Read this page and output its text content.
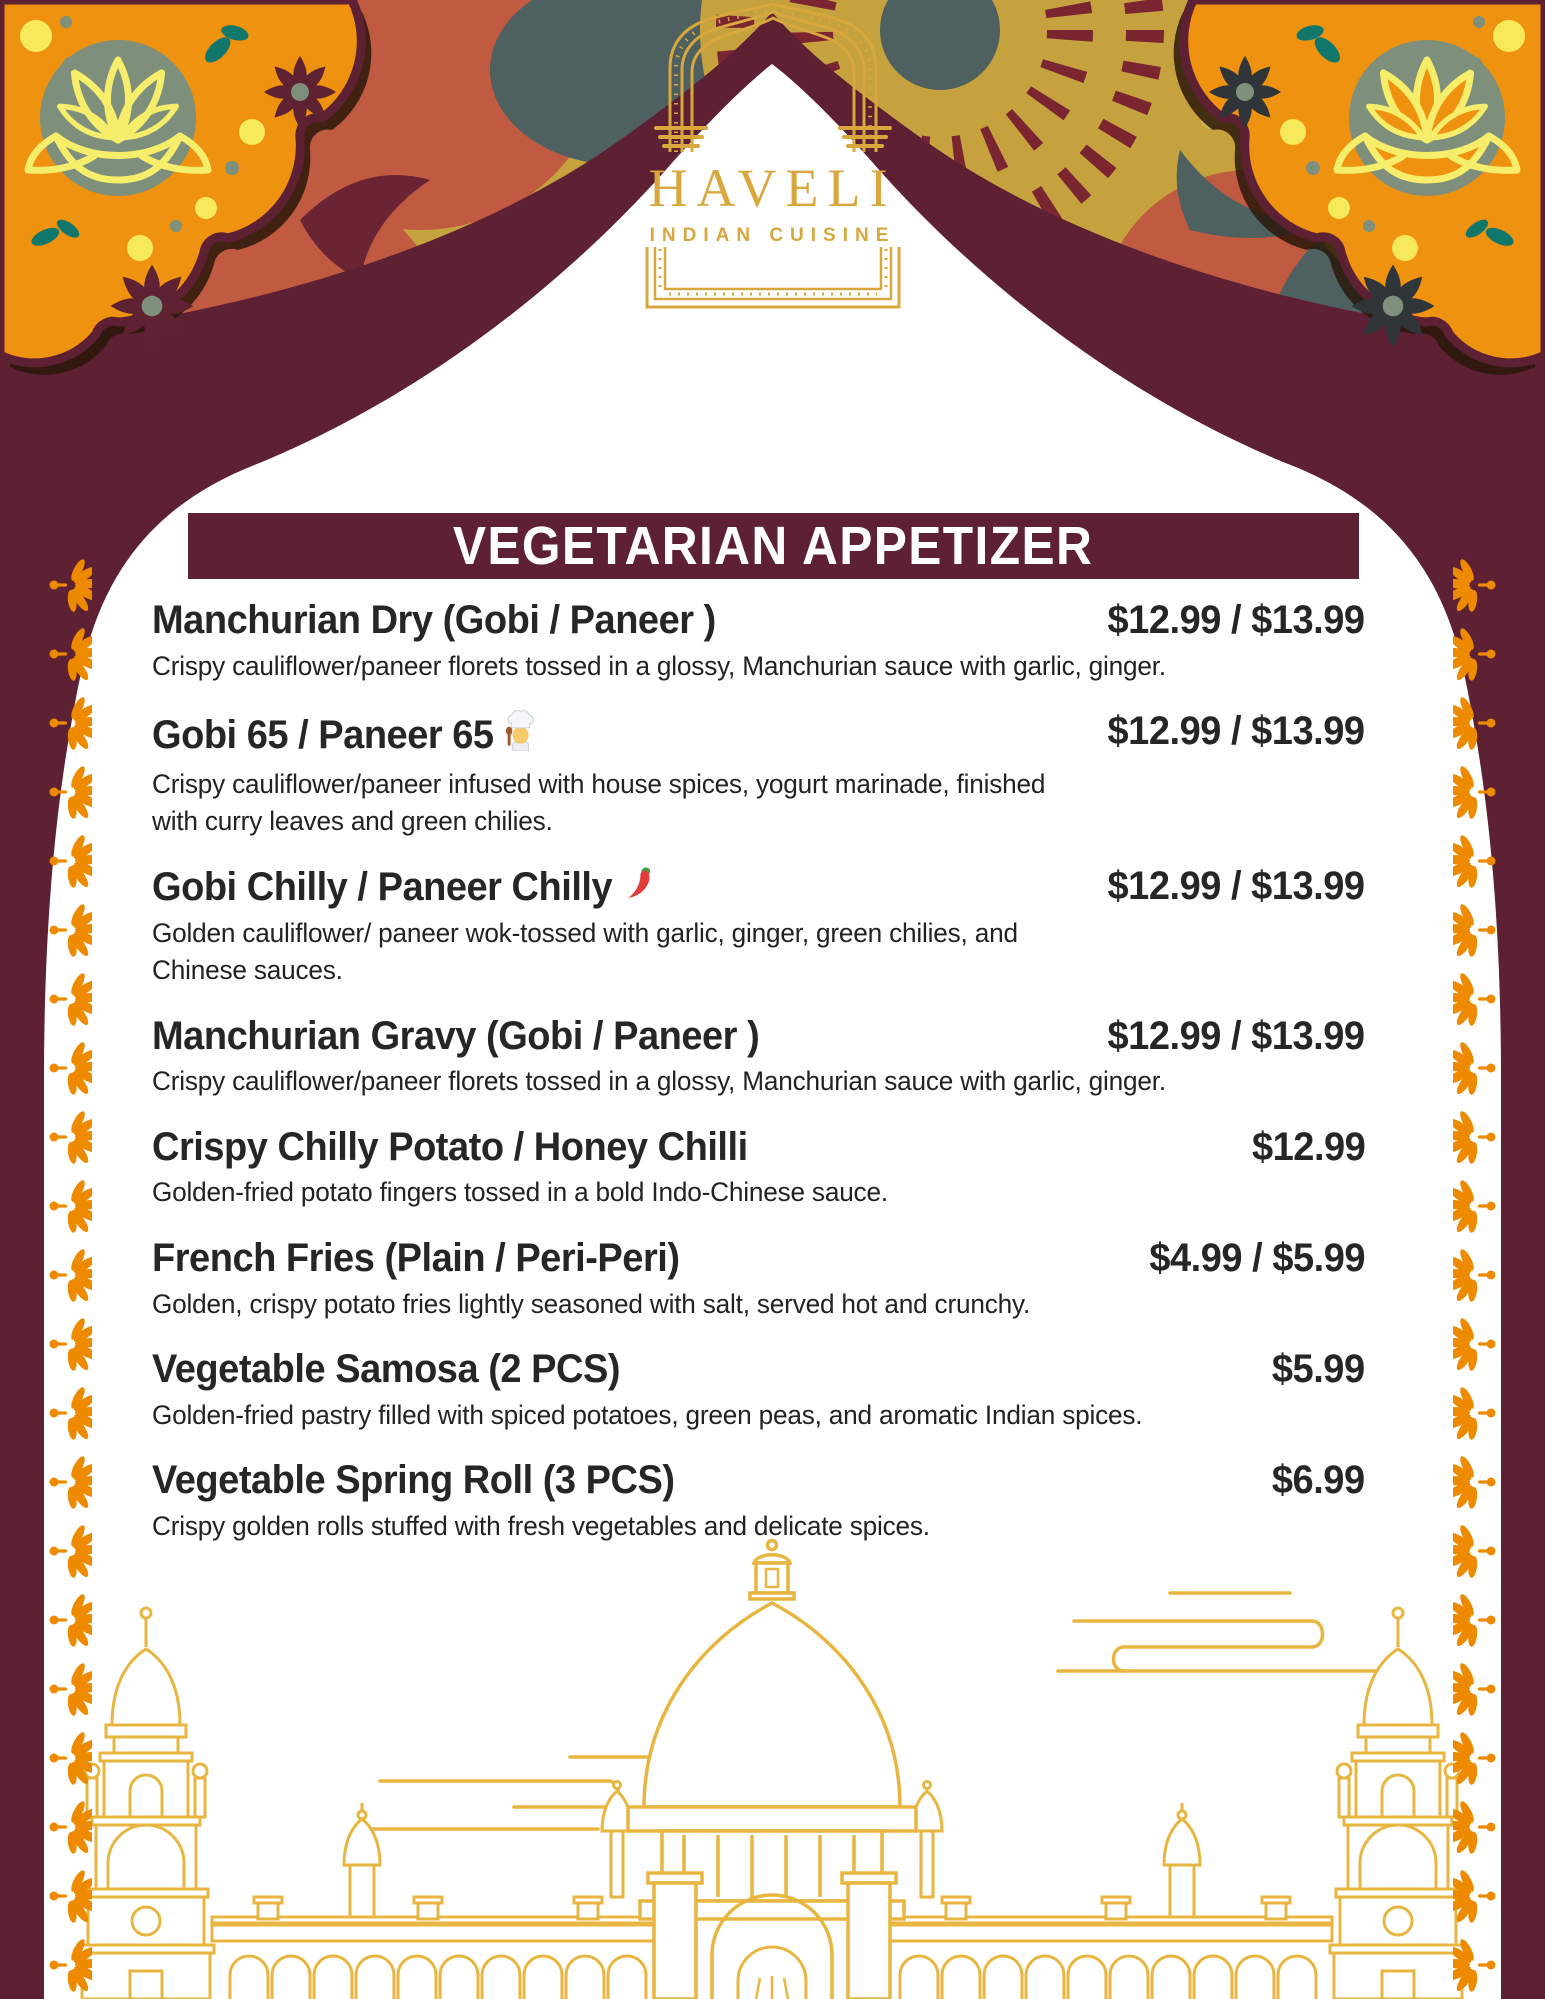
HAVELI
INDIAN CUISINE
VEGETARIAN APPETIZER
Manchurian Dry (Gobi / Paneer )	$12.99 / $13.99
Crispy cauliflower/paneer florets tossed in a glossy, Manchurian sauce with garlic, ginger.
Gobi 65 / Paneer 65	$12.99 / $13.99
Crispy cauliflower/paneer infused with house spices, yogurt marinade, finished with curry leaves and green chilies.
Gobi Chilly / Paneer Chilly	$12.99 / $13.99
Golden cauliflower/ paneer wok-tossed with garlic, ginger, green chilies, and Chinese sauces.
Manchurian Gravy (Gobi / Paneer )	$12.99 / $13.99
Crispy cauliflower/paneer florets tossed in a glossy, Manchurian sauce with garlic, ginger.
Crispy Chilly Potato / Honey Chilli	$12.99
Golden-fried potato fingers tossed in a bold Indo-Chinese sauce.
French Fries (Plain / Peri-Peri)	$4.99 / $5.99
Golden, crispy potato fries lightly seasoned with salt, served hot and crunchy.
Vegetable Samosa (2 PCS)	$5.99
Golden-fried pastry filled with spiced potatoes, green peas, and aromatic Indian spices.
Vegetable Spring Roll (3 PCS)	$6.99
Crispy golden rolls stuffed with fresh vegetables and delicate spices.
